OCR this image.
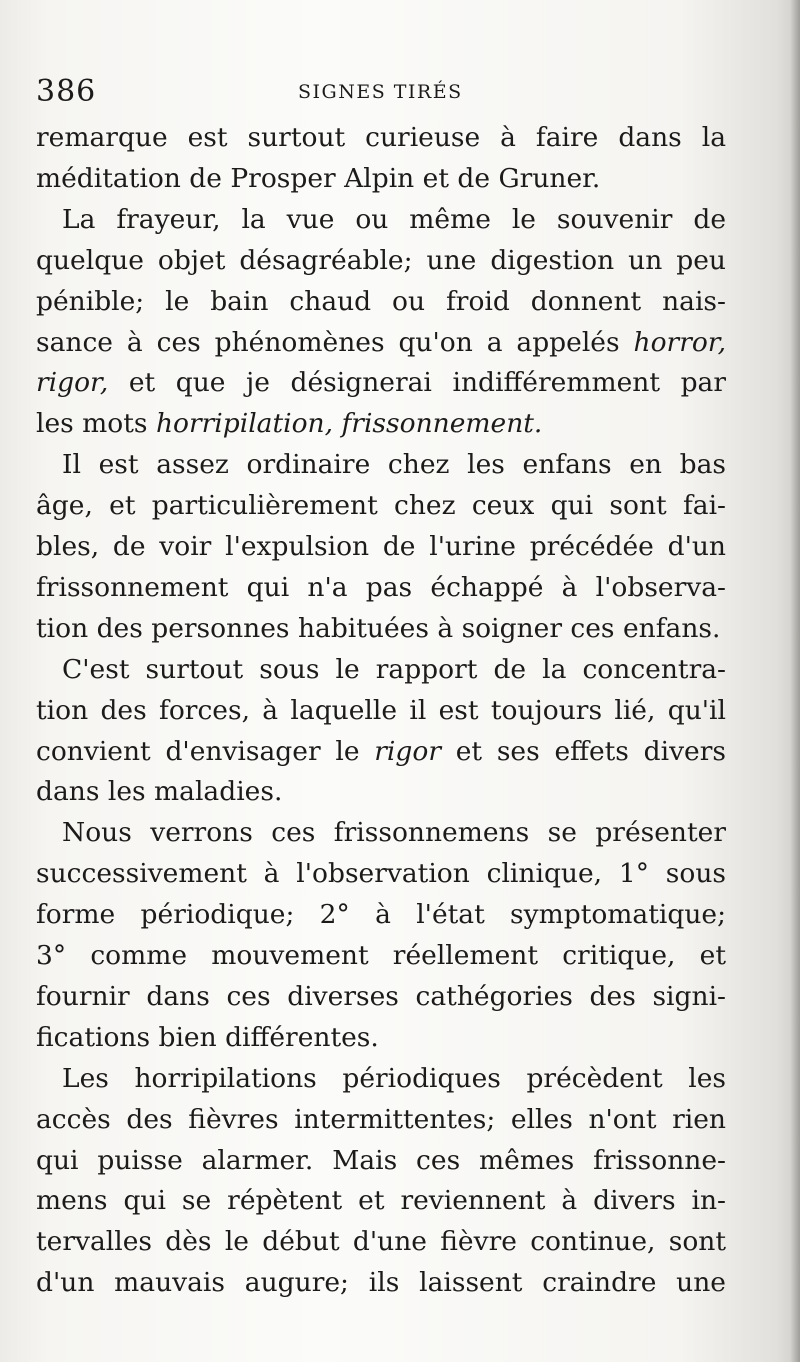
386	SIGNES TIRÉS
remarque est surtout curieuse à faire dans la
méditation de Prosper Alpin et de Gruner.
La frayeur, la vue ou même le souvenir de
quelque objet désagréable; une digestion un peu
pénible; le bain chaud ou froid donnent nais-
sance à ces phénomènes qu'on a appelés horror,
rigor, et que je désignerai indifféremment par
les mots horripilation, frissonnement.
Il est assez ordinaire chez les enfans en bas
âge, et particulièrement chez ceux qui sont fai-
bles, de voir l'expulsion de l'urine précédée d'un
frissonnement qui n'a pas échappé à l'observa-
tion des personnes habituées à soigner ces enfans.
C'est surtout sous le rapport de la concentra-
tion des forces, à laquelle il est toujours lié, qu'il
convient d'envisager le rigor et ses effets divers
dans les maladies.
Nous verrons ces frissonnemens se présenter
successivement à l'observation clinique, 1° sous
forme périodique; 2° à l'état symptomatique;
3° comme mouvement réellement critique, et
fournir dans ces diverses cathégories des signi-
fications bien différentes.
Les horripilations périodiques précèdent les
accès des fièvres intermittentes; elles n'ont rien
qui puisse alarmer. Mais ces mêmes frissonne-
mens qui se répètent et reviennent à divers in-
tervalles dès le début d'une fièvre continue, sont
d'un mauvais augure; ils laissent craindre une
